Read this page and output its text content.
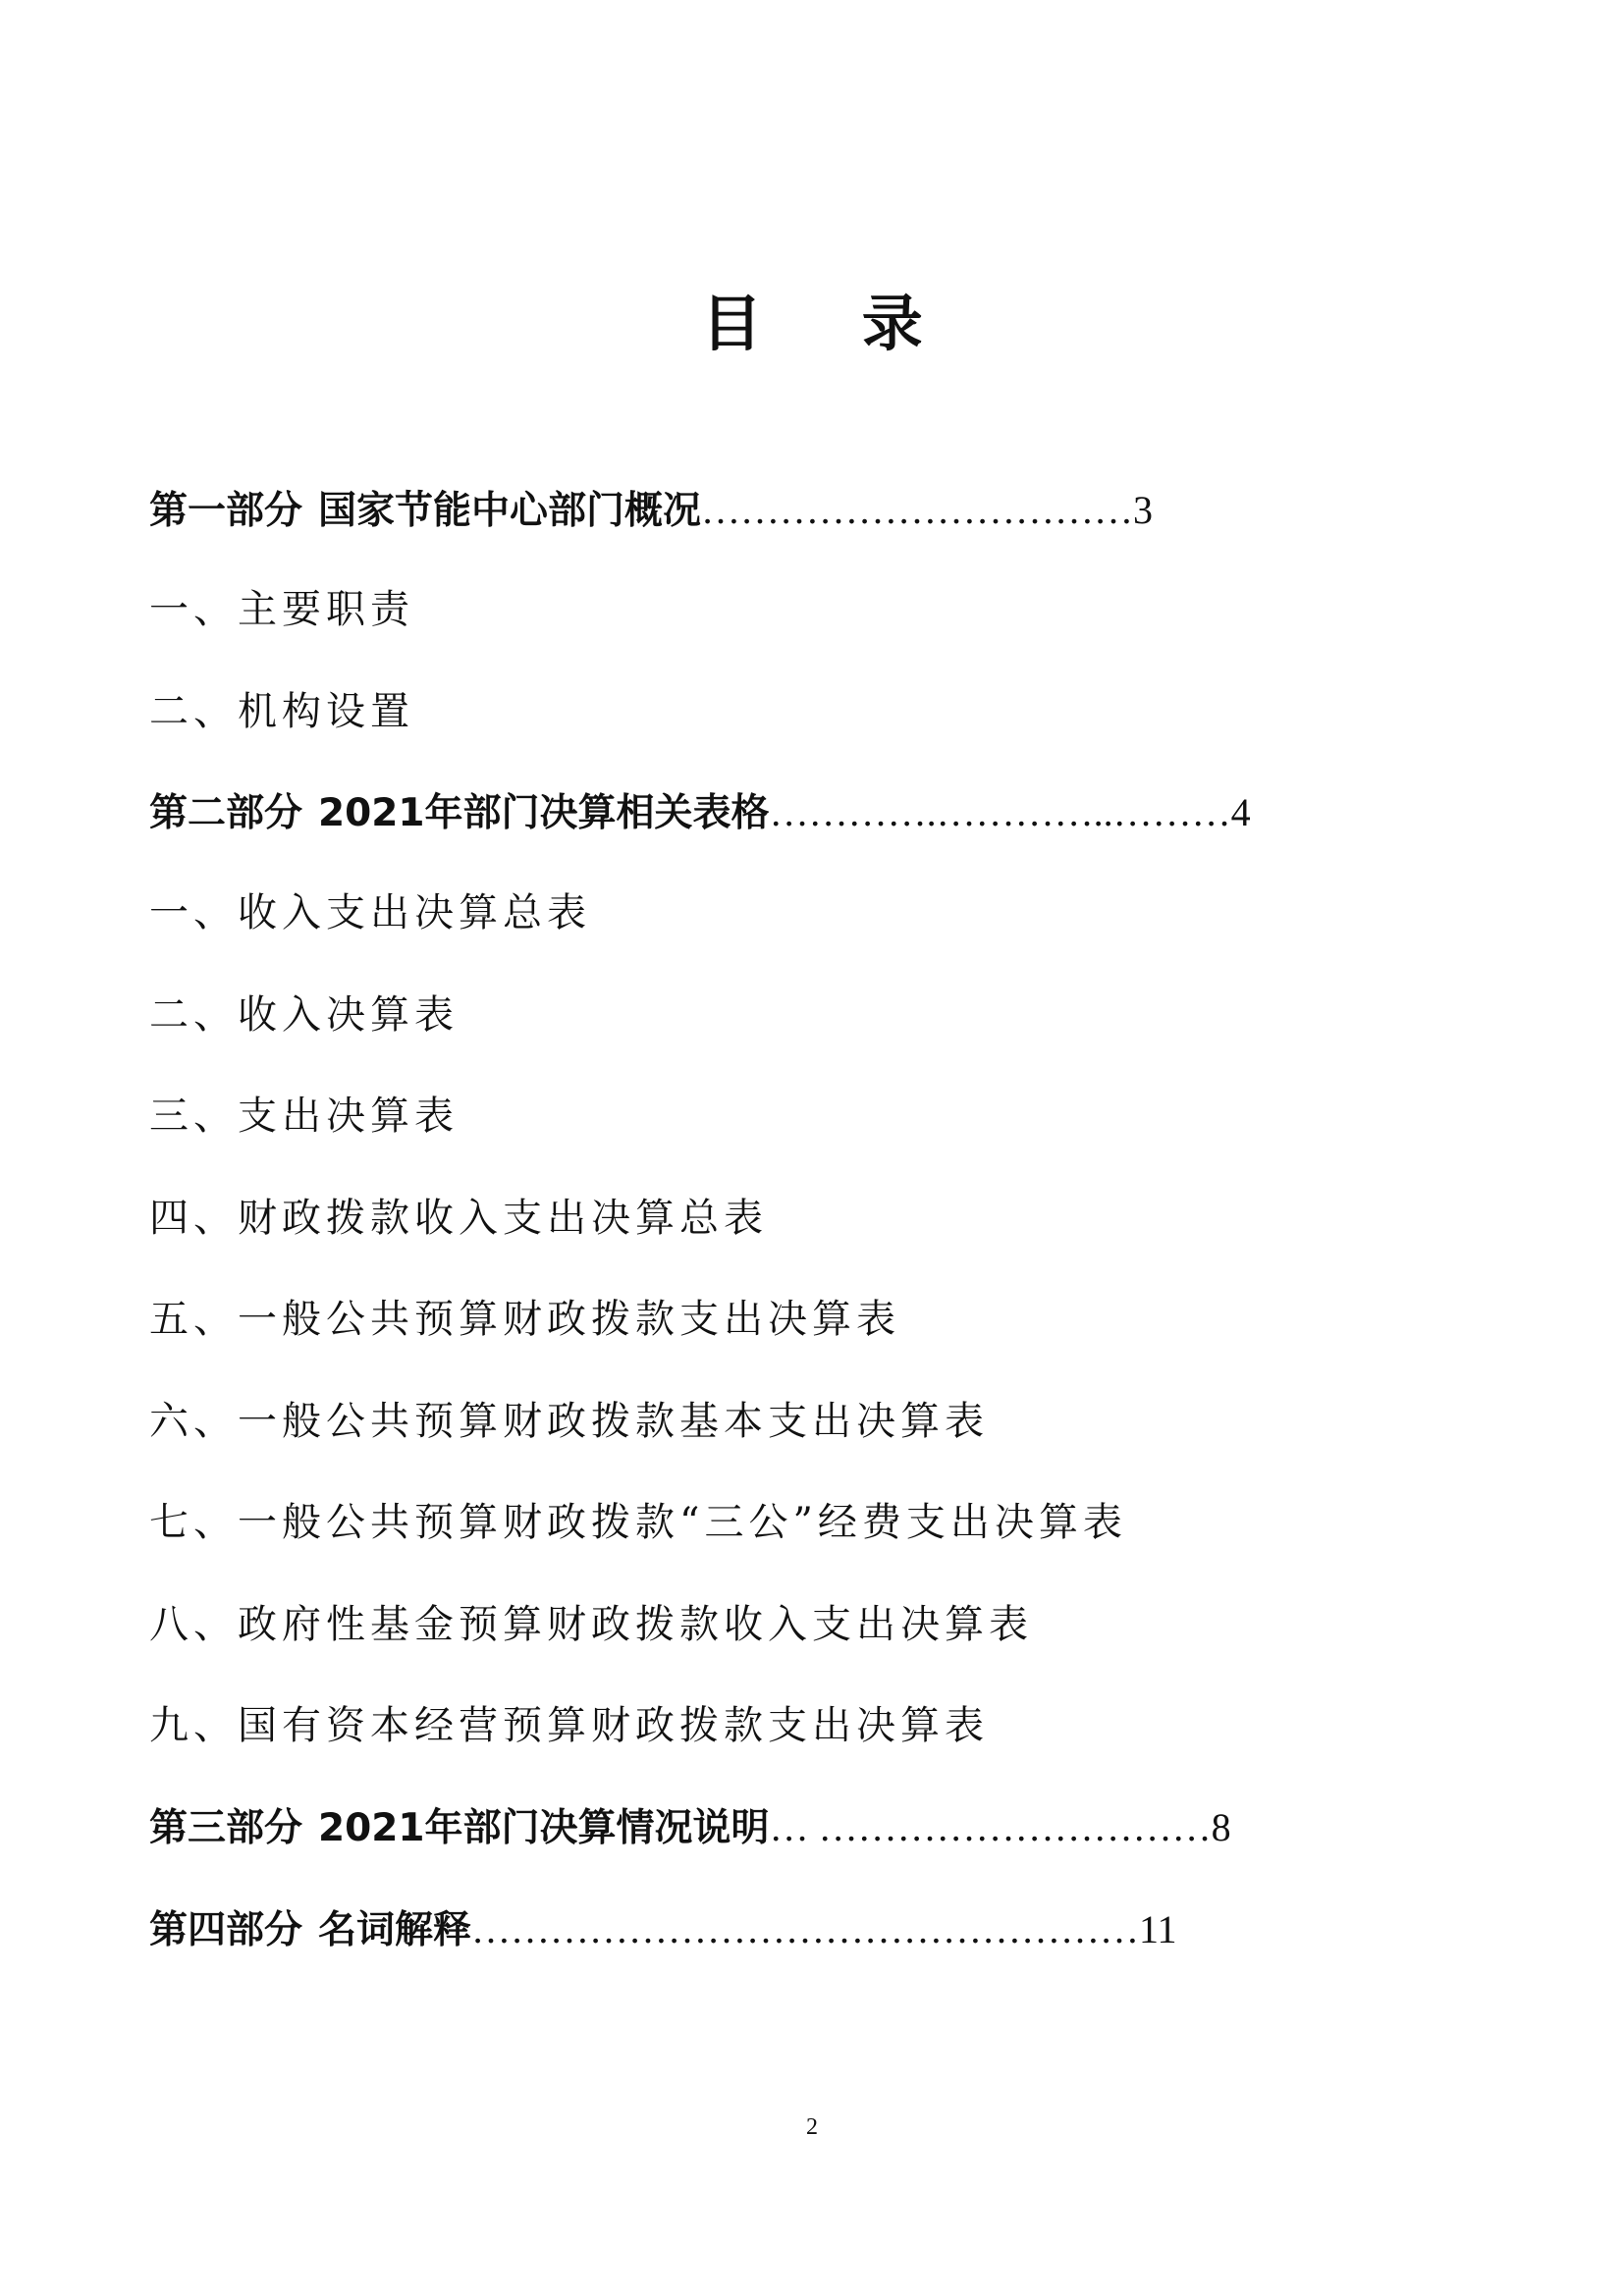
目 录
第一部分 国家节能中心部门概况……………………………3
一、主要职责
二、机构设置
第二部分 2021年部门决算相关表格………….…………..………4
一、收入支出决算总表
二、收入决算表
三、支出决算表
四、财政拨款收入支出决算总表
五、一般公共预算财政拨款支出决算表
六、一般公共预算财政拨款基本支出决算表
七、一般公共预算财政拨款“三公”经费支出决算表
八、政府性基金预算财政拨款收入支出决算表
九、国有资本经营预算财政拨款支出决算表
第三部分 2021年部门决算情况说明… …………………………8
第四部分 名词解释……………………………………………11
2
